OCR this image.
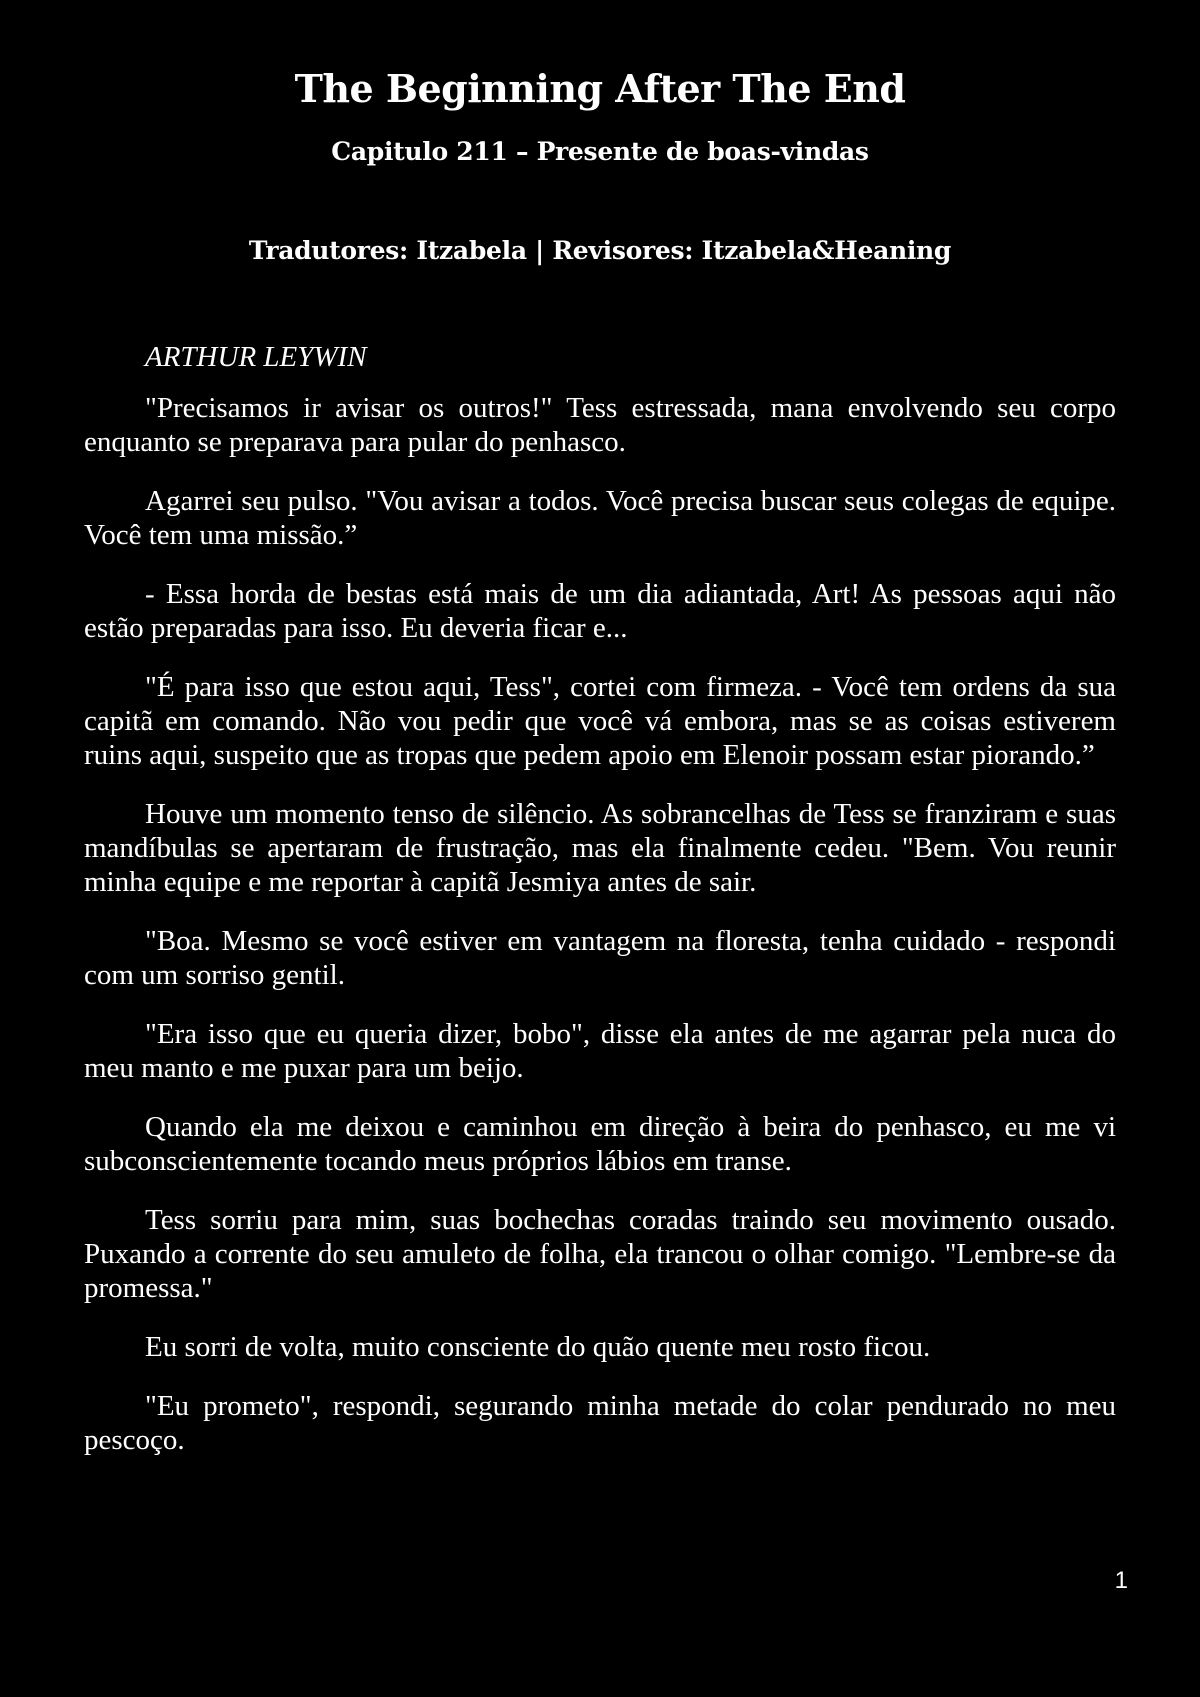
The Beginning After The End
Capitulo 211 – Presente de boas-vindas
Tradutores: Itzabela | Revisores: Itzabela&Heaning

ARTHUR LEYWIN

"Precisamos ir avisar os outros!" Tess estressada, mana envolvendo seu corpo enquanto se preparava para pular do penhasco.

Agarrei seu pulso. "Vou avisar a todos. Você precisa buscar seus colegas de equipe. Você tem uma missão.”

- Essa horda de bestas está mais de um dia adiantada, Art! As pessoas aqui não estão preparadas para isso. Eu deveria ficar e...

"É para isso que estou aqui, Tess", cortei com firmeza. - Você tem ordens da sua capitã em comando. Não vou pedir que você vá embora, mas se as coisas estiverem ruins aqui, suspeito que as tropas que pedem apoio em Elenoir possam estar piorando.”

Houve um momento tenso de silêncio. As sobrancelhas de Tess se franziram e suas mandíbulas se apertaram de frustração, mas ela finalmente cedeu. "Bem. Vou reunir minha equipe e me reportar à capitã Jesmiya antes de sair.

"Boa. Mesmo se você estiver em vantagem na floresta, tenha cuidado - respondi com um sorriso gentil.

"Era isso que eu queria dizer, bobo", disse ela antes de me agarrar pela nuca do meu manto e me puxar para um beijo.

Quando ela me deixou e caminhou em direção à beira do penhasco, eu me vi subconscientemente tocando meus próprios lábios em transe.

Tess sorriu para mim, suas bochechas coradas traindo seu movimento ousado. Puxando a corrente do seu amuleto de folha, ela trancou o olhar comigo. "Lembre-se da promessa."

Eu sorri de volta, muito consciente do quão quente meu rosto ficou.

"Eu prometo", respondi, segurando minha metade do colar pendurado no meu pescoço.

1
